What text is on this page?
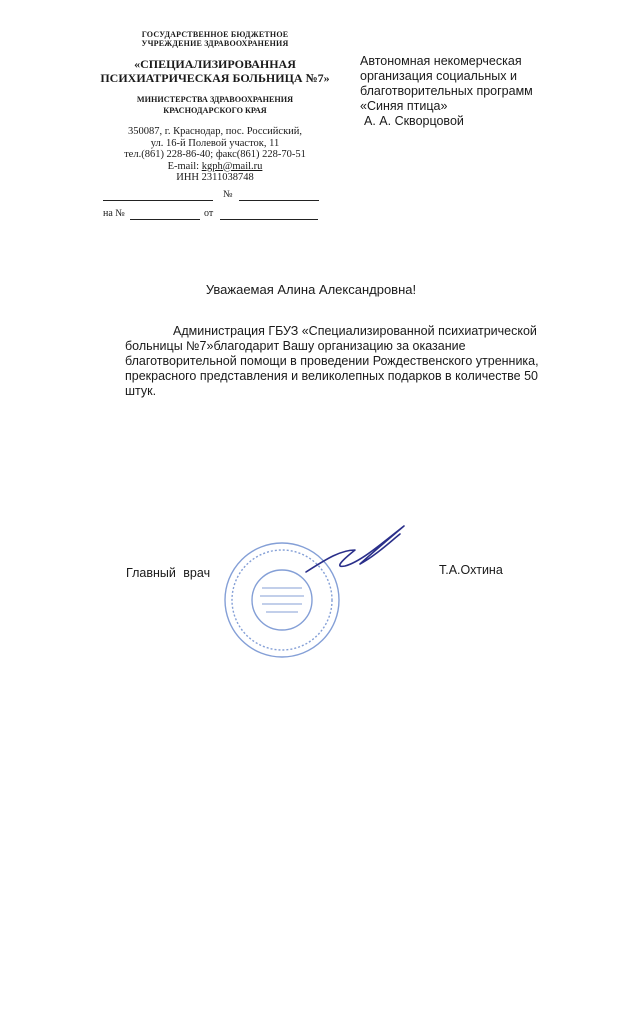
ГОСУДАРСТВЕННОЕ БЮДЖЕТНОЕ
УЧРЕЖДЕНИЕ ЗДРАВООХРАНЕНИЯ
«СПЕЦИАЛИЗИРОВАННАЯ
ПСИХИАТРИЧЕСКАЯ БОЛЬНИЦА №7»
МИНИСТЕРСТВА ЗДРАВООХРАНЕНИЯ
КРАСНОДАРСКОГО КРАЯ
350087, г. Краснодар, пос. Российский,
ул. 16-й Полевой участок, 11
тел.(861) 228-86-40; факс(861) 228-70-51
E-mail: kgph@mail.ru
ИНН 2311038748
№
на №	от
Автономная некомерческая
организация социальных и
благотворительных программ
«Синяя птица»
А. А. Скворцовой
Уважаемая Алина Александровна!
Администрация ГБУЗ «Специализированной психиатрической больницы №7»благодарит Вашу организацию за оказание благотворительной помощи в проведении Рождественского утренника, прекрасного представления и великолепных подарков в количестве 50 штук.
Главный врач	Т.А.Охтина
